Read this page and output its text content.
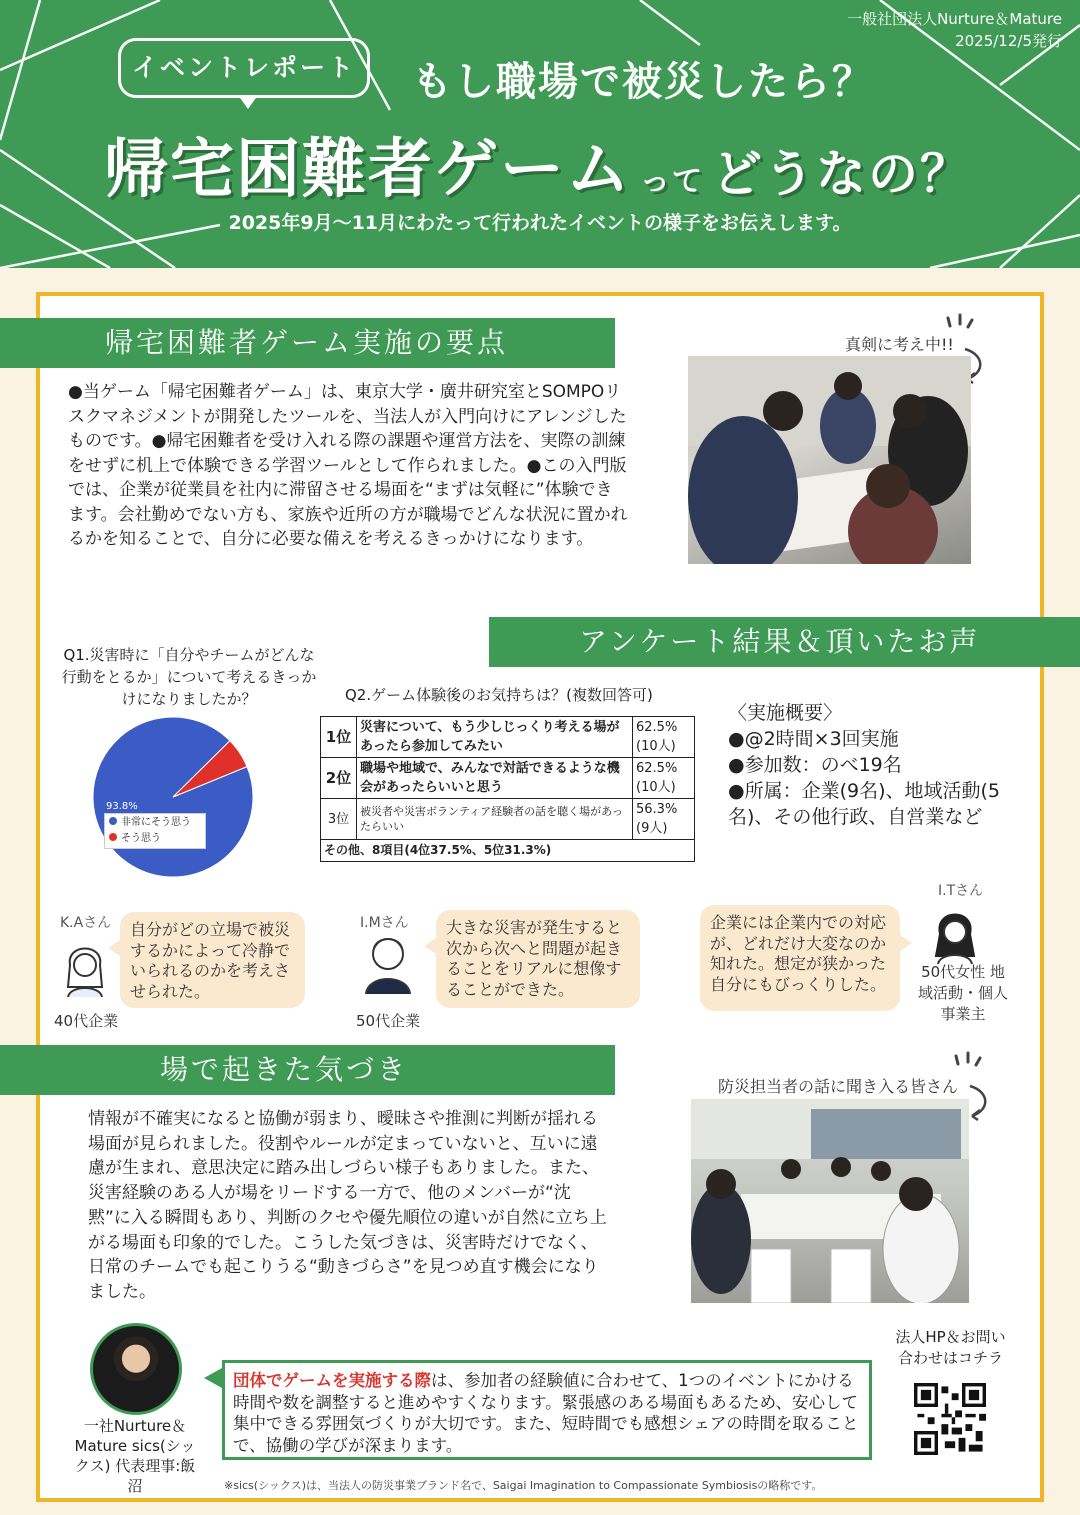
一般社団法人Nurture＆Mature
2025/12/5発行
イベントレポート	もし職場で被災したら？
帰宅困難者ゲーム って どうなの？
2025年9月〜11月にわたって行われたイベントの様子をお伝えします。
帰宅困難者ゲーム実施の要点
●当ゲーム「帰宅困難者ゲーム」は、東京大学・廣井研究室とSOMPOリスクマネジメントが開発したツールを、当法人が入門向けにアレンジしたものです。●帰宅困難者を受け入れる際の課題や運営方法を、実際の訓練をせずに机上で体験できる学習ツールとして作られました。●この入門版では、企業が従業員を社内に滞留させる場面を“まずは気軽に”体験できます。会社勤めでない方も、家族や近所の方が職場でどんな状況に置かれるかを知ることで、自分に必要な備えを考えるきっかけになります。
真剣に考え中!!
アンケート結果＆頂いたお声
Q1.災害時に「自分やチームがどんな行動をとるか」について考えるきっかけになりましたか？
93.8%
非常にそう思う
そう思う
Q2.ゲーム体験後のお気持ちは？(複数回答可)
1位	災害について、もう少しじっくり考える場があったら参加してみたい	62.5%
(10人)

2位	職場や地域で、みんなで対話できるような機会があったらいいと思う	62.5%
(10人)

3位	被災者や災害ボランティア経験者の話を聴く場があったらいい	56.3%
(9人)

その他、8項目(4位37.5%、5位31.3%)		
〈実施概要〉
●@2時間×3回実施
●参加数：のべ19名
●所属：企業(9名)、地域活動(5名)、その他行政、自営業など
K.Aさん
40代企業
自分がどの立場で被災するかによって冷静でいられるのかを考えさせられた。
I.Mさん
50代企業
大きな災害が発生すると次から次へと問題が起きることをリアルに想像することができた。
I.Tさん
50代女性 地域活動・個人事業主
企業には企業内での対応が、どれだけ大変なのか知れた。想定が狭かった自分にもびっくりした。
場で起きた気づき
情報が不確実になると協働が弱まり、曖昧さや推測に判断が揺れる場面が見られました。役割やルールが定まっていないと、互いに遠慮が生まれ、意思決定に踏み出しづらい様子もありました。また、災害経験のある人が場をリードする一方で、他のメンバーが“沈黙”に入る瞬間もあり、判断のクセや優先順位の違いが自然に立ち上がる場面も印象的でした。こうした気づきは、災害時だけでなく、日常のチームでも起こりうる“動きづらさ”を見つめ直す機会になりました。
防災担当者の話に聞き入る皆さん
一社Nurture＆Mature sics(シックス) 代表理事:飯沼
団体でゲームを実施する際は、参加者の経験値に合わせて、1つのイベントにかける時間や数を調整すると進めやすくなります。緊張感のある場面もあるため、安心して集中できる雰囲気づくりが大切です。また、短時間でも感想シェアの時間を取ることで、協働の学びが深まります。
※sics(シックス)は、当法人の防災事業ブランド名で、Saigai Imagination to Compassionate Symbiosisの略称です。
法人HP＆お問い合わせはコチラ
